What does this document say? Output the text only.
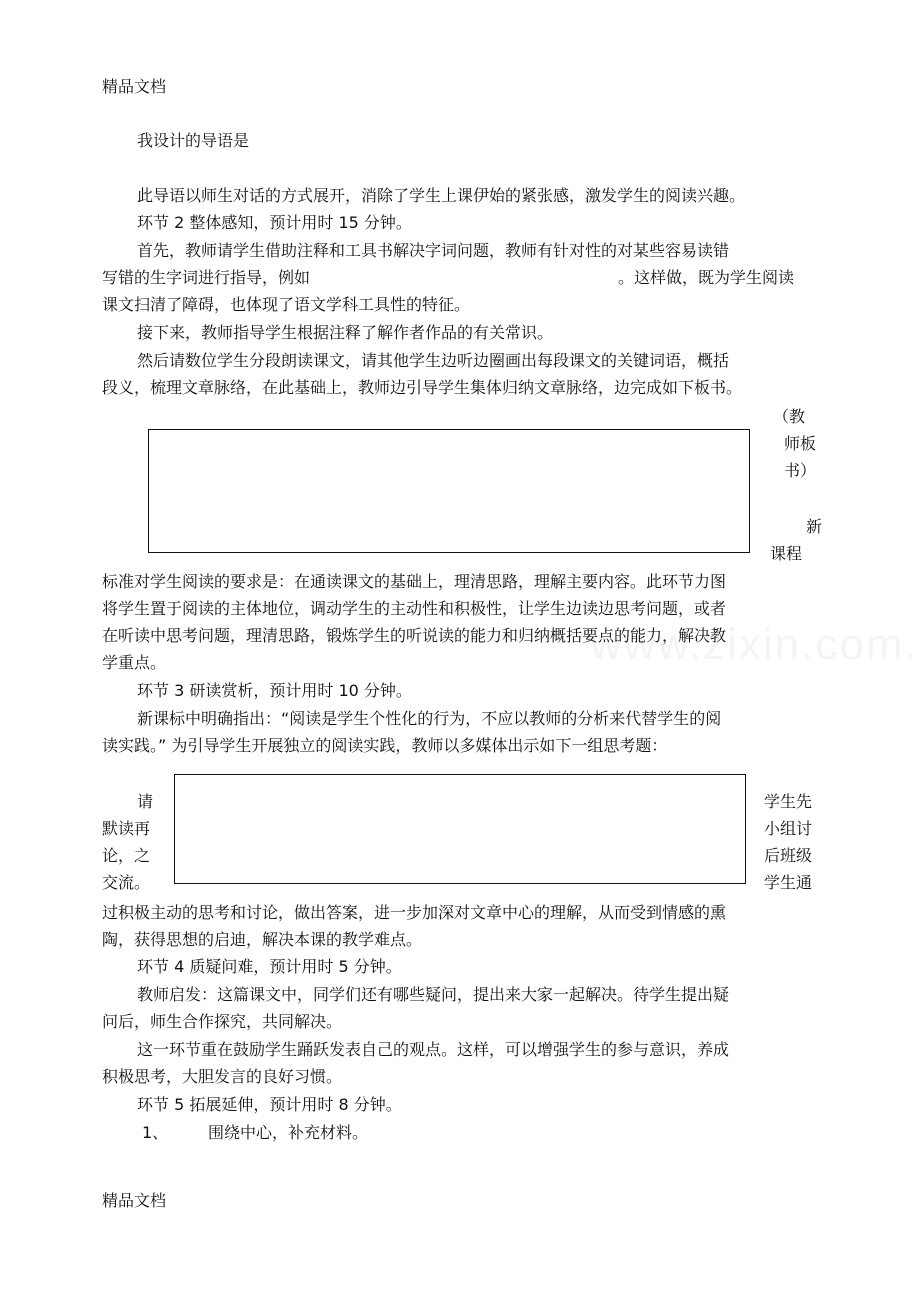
精品文档
我设计的导语是
此导语以师生对话的方式展开，消除了学生上课伊始的紧张感，激发学生的阅读兴趣。
环节 2 整体感知，预计用时 15 分钟。
首先，教师请学生借助注释和工具书解决字词问题，教师有针对性的对某些容易读错
写错的生字词进行指导，例如	。这样做，既为学生阅读
课文扫清了障碍，也体现了语文学科工具性的特征。
接下来，教师指导学生根据注释了解作者作品的有关常识。
然后请数位学生分段朗读课文，请其他学生边听边圈画出每段课文的关键词语，概括
段义，梳理文章脉络，在此基础上，教师边引导学生集体归纳文章脉络，边完成如下板书。
（教
师板
书）
新
课程
标准对学生阅读的要求是：在通读课文的基础上，理清思路，理解主要内容。此环节力图
将学生置于阅读的主体地位，调动学生的主动性和积极性，让学生边读边思考问题，或者
在听读中思考问题，理清思路，锻炼学生的听说读的能力和归纳概括要点的能力，解决教
学重点。
环节 3 研读赏析，预计用时 10 分钟。
新课标中明确指出：“阅读是学生个性化的行为，不应以教师的分析来代替学生的阅
读实践。” 为引导学生开展独立的阅读实践，教师以多媒体出示如下一组思考题：
请
默读再
论，之
交流。
学生先
小组讨
后班级
学生通
过积极主动的思考和讨论，做出答案，进一步加深对文章中心的理解，从而受到情感的熏
陶，获得思想的启迪，解决本课的教学难点。
环节 4 质疑问难，预计用时 5 分钟。
教师启发：这篇课文中，同学们还有哪些疑问，提出来大家一起解决。待学生提出疑
问后，师生合作探究，共同解决。
这一环节重在鼓励学生踊跃发表自己的观点。这样，可以增强学生的参与意识，养成
积极思考，大胆发言的良好习惯。
环节 5 拓展延伸，预计用时 8 分钟。
1、 围绕中心，补充材料。
精品文档
